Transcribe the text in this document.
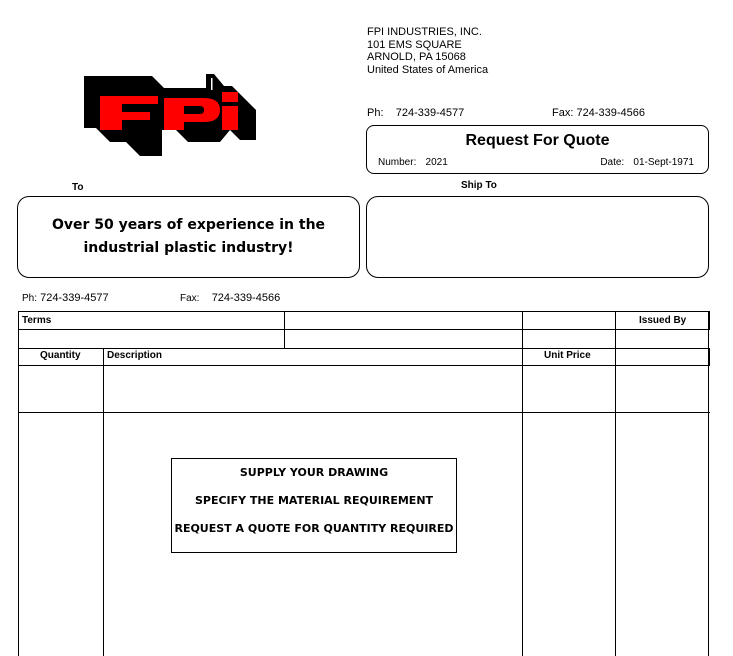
FPI INDUSTRIES, INC.
101 EMS SQUARE
ARNOLD, PA 15068
United States of America
FPi
Ph: 724-339-4577	Fax: 724-339-4566
Request For Quote
Number: 2021	Date: 01-Sept-1971
To	Ship To
Over 50 years of experience in the
industrial plastic industry!
Ph: 724-339-4577	Fax: 724-339-4566
Terms	Issued By
Quantity	Description	Unit Price
SUPPLY YOUR DRAWING
SPECIFY THE MATERIAL REQUIREMENT
REQUEST A QUOTE FOR QUANTITY REQUIRED
